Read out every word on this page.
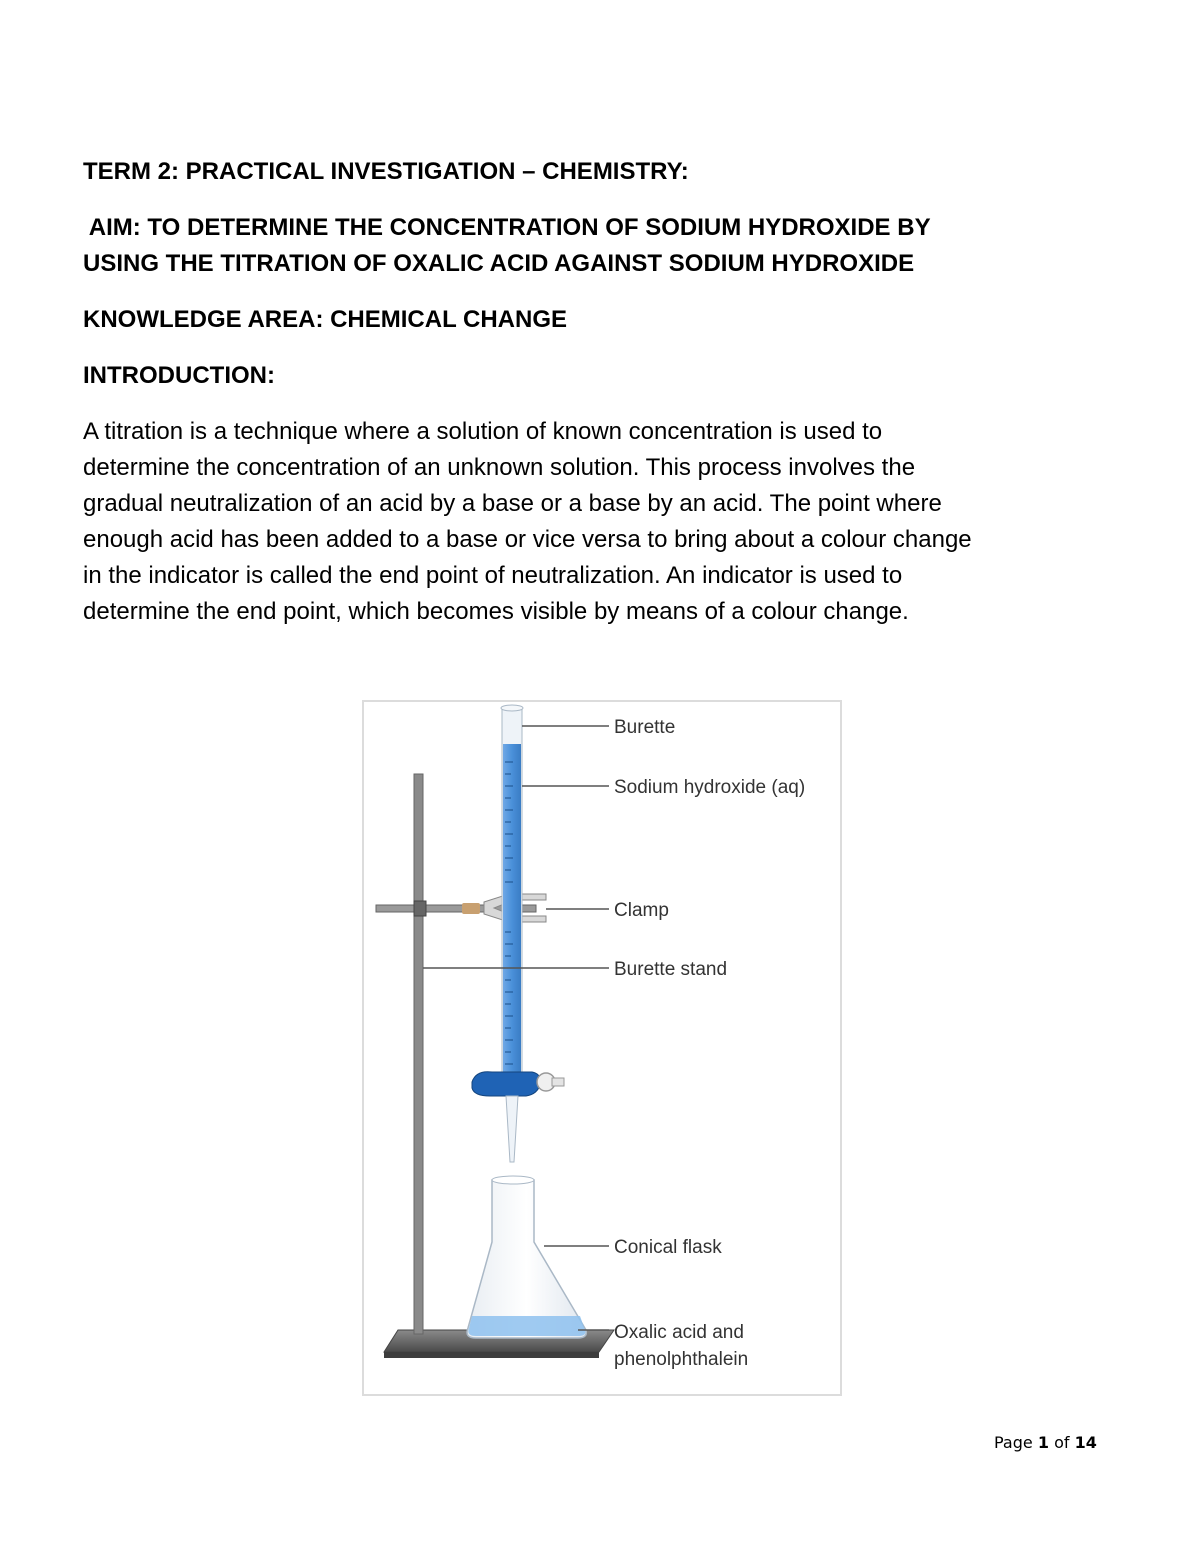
TERM 2: PRACTICAL INVESTIGATION – CHEMISTRY:

AIM: TO DETERMINE THE CONCENTRATION OF SODIUM HYDROXIDE BY
USING THE TITRATION OF OXALIC ACID AGAINST SODIUM HYDROXIDE

KNOWLEDGE AREA: CHEMICAL CHANGE

INTRODUCTION:

A titration is a technique where a solution of known concentration is used to

determine the concentration of an unknown solution. This process involves the

gradual neutralization of an acid by a base or a base by an acid. The point where

enough acid has been added to a base or vice versa to bring about a colour change

in the indicator is called the end point of neutralization. An indicator is used to

determine the end point, which becomes visible by means of a colour change.

Burette
Sodium hydroxide (aq)
Clamp
Burette stand
Conical flask
Oxalic acid and
phenolphthalein
Page 1 of 14
